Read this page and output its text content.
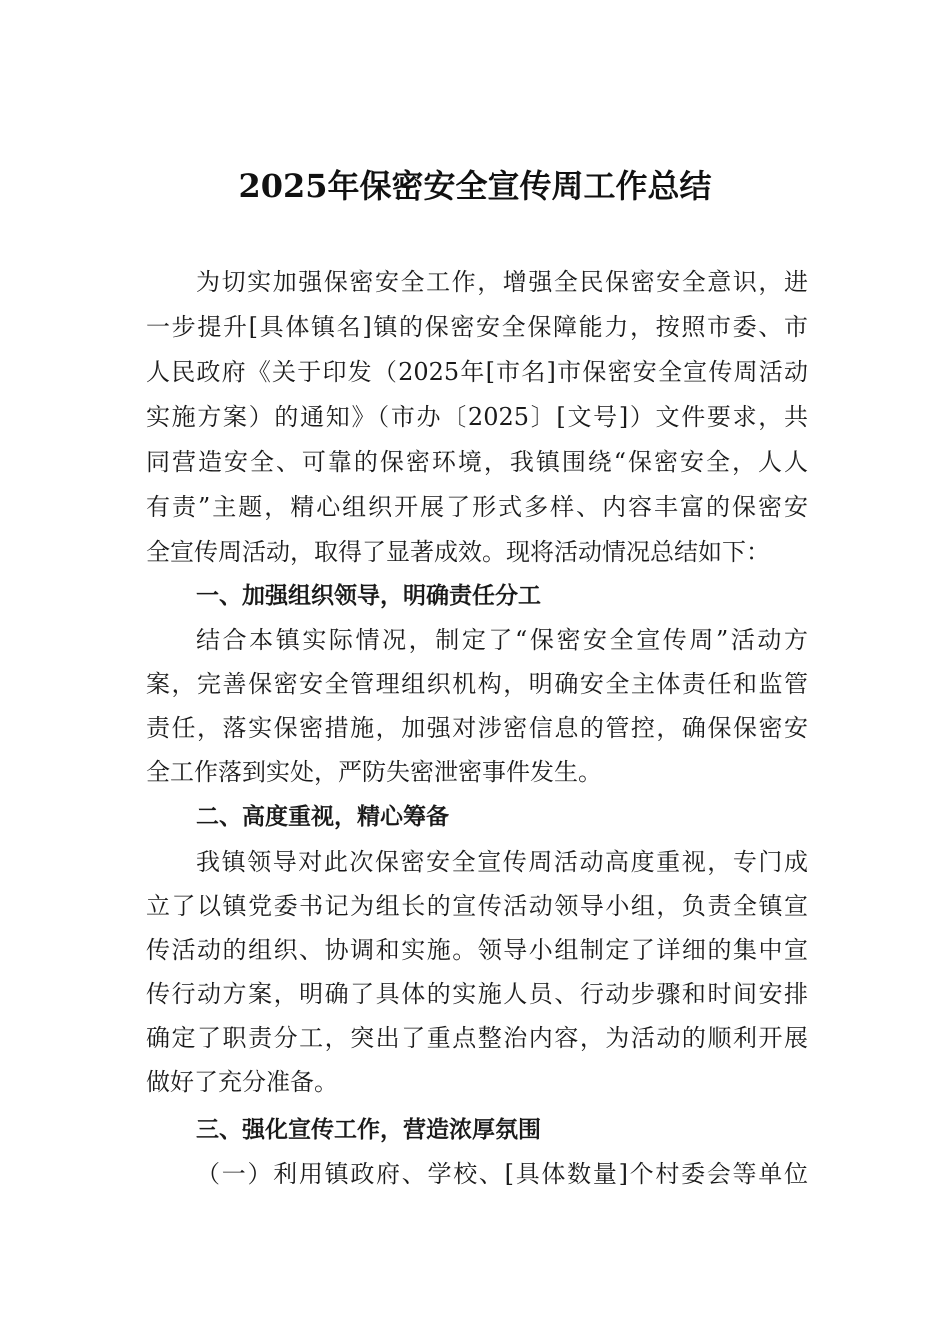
2025年保密安全宣传周工作总结

为切实加强保密安全工作，增强全民保密安全意识，进

一步提升[具体镇名]镇的保密安全保障能力，按照市委、市

人民政府《关于印发（2025年[市名]市保密安全宣传周活动

实施方案）的通知》（市办〔2025〕[文号]）文件要求，共

同营造安全、可靠的保密环境，我镇围绕“保密安全，人人

有责”主题，精心组织开展了形式多样、内容丰富的保密安

全宣传周活动，取得了显著成效。现将活动情况总结如下：

一、加强组织领导，明确责任分工

结合本镇实际情况，制定了“保密安全宣传周”活动方

案，完善保密安全管理组织机构，明确安全主体责任和监管

责任，落实保密措施，加强对涉密信息的管控，确保保密安

全工作落到实处，严防失密泄密事件发生。

二、高度重视，精心筹备

我镇领导对此次保密安全宣传周活动高度重视，专门成

立了以镇党委书记为组长的宣传活动领导小组，负责全镇宣

传活动的组织、协调和实施。领导小组制定了详细的集中宣

传行动方案，明确了具体的实施人员、行动步骤和时间安排

确定了职责分工，突出了重点整治内容，为活动的顺利开展

做好了充分准备。

三、强化宣传工作，营造浓厚氛围

（一）利用镇政府、学校、[具体数量]个村委会等单位
